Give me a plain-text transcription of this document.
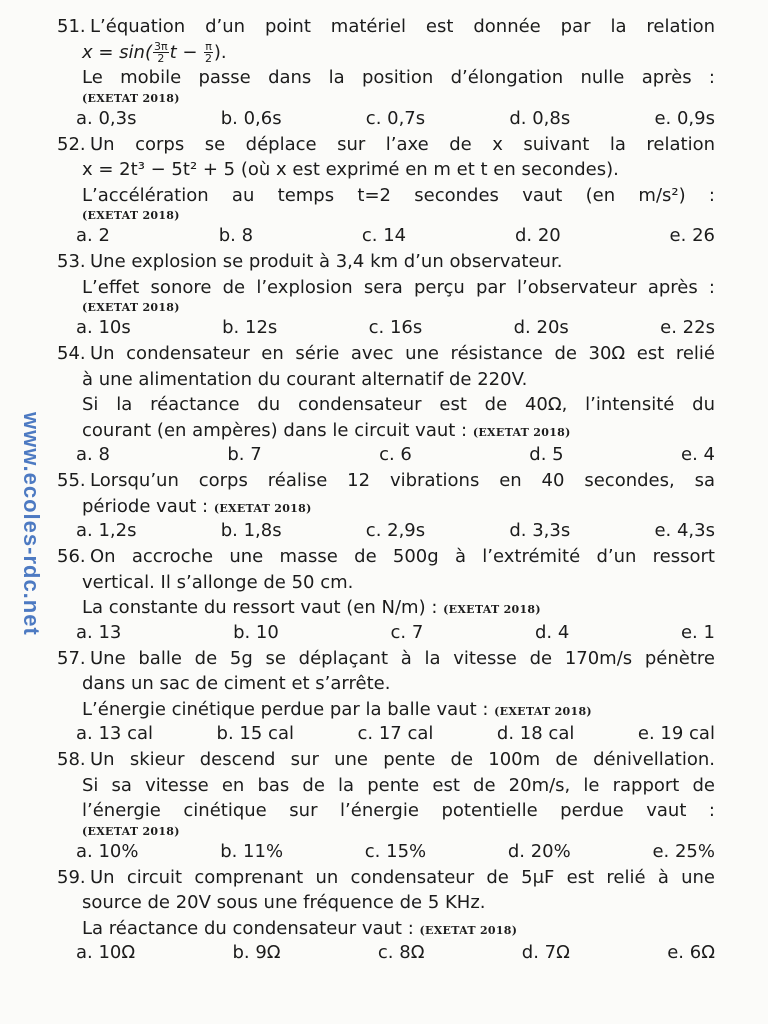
www.ecoles-rdc.net
51. L’équation d’un point matériel est donnée par la relation
$x = \sin( \frac{3\pi}{2}$ $t - \frac{\pi}{2}$ ).
Le mobile passe dans la position d’élongation nulle après :
(EXETAT 2018)
a. 0,3s	b. 0,6s	c. 0,7s	d. 0,8s	e. 0,9s
52. Un corps se déplace sur l’axe de x suivant la relation
x = 2t³ − 5t² + 5 (où x est exprimé en m et t en secondes).
L’accélération au temps t=2 secondes vaut (en m/s²) :
(EXETAT 2018)
a. 2	b. 8	c. 14	d. 20	e. 26
53. Une explosion se produit à 3,4 km d’un observateur.
L’effet sonore de l’explosion sera perçu par l’observateur après :
(EXETAT 2018)
a. 10s	b. 12s	c. 16s	d. 20s	e. 22s
54. Un condensateur en série avec une résistance de 30Ω est relié
à une alimentation du courant alternatif de 220V.
Si la réactance du condensateur est de 40Ω, l’intensité du
courant (en ampères) dans le circuit vaut : (EXETAT 2018)
a. 8	b. 7	c. 6	d. 5	e. 4
55. Lorsqu’un corps réalise 12 vibrations en 40 secondes, sa
période vaut : (EXETAT 2018)
a. 1,2s	b. 1,8s	c. 2,9s	d. 3,3s	e. 4,3s
56. On accroche une masse de 500g à l’extrémité d’un ressort
vertical. Il s’allonge de 50 cm.
La constante du ressort vaut (en N/m) : (EXETAT 2018)
a. 13	b. 10	c. 7	d. 4	e. 1
57. Une balle de 5g se déplaçant à la vitesse de 170m/s pénètre
dans un sac de ciment et s’arrête.
L’énergie cinétique perdue par la balle vaut : (EXETAT 2018)
a. 13 cal	b. 15 cal	c. 17 cal	d. 18 cal	e. 19 cal
58. Un skieur descend sur une pente de 100m de dénivellation.
Si sa vitesse en bas de la pente est de 20m/s, le rapport de
l’énergie cinétique sur l’énergie potentielle perdue vaut :
(EXETAT 2018)
a. 10%	b. 11%	c. 15%	d. 20%	e. 25%
59. Un circuit comprenant un condensateur de 5μF est relié à une
source de 20V sous une fréquence de 5 KHz.
La réactance du condensateur vaut : (EXETAT 2018)
a. 10Ω	b. 9Ω	c. 8Ω	d. 7Ω	e. 6Ω
